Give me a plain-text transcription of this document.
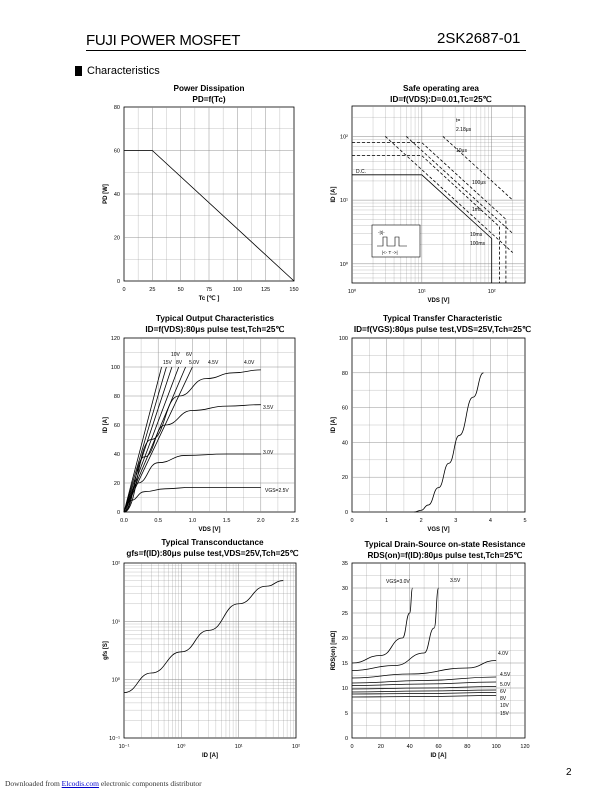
FUJI POWER MOSFET	2SK2687-01
Characteristics
Power Dissipation
PD=f(Tc)
Safe operating area
ID=f(VDS):D=0.01,Tc=25℃
Typical Output Characteristics
ID=f(VDS):80μs pulse test,Tch=25℃
Typical Transfer Characteristic
ID=f(VGS):80μs pulse test,VDS=25V,Tch=25℃
Typical Transconductance
gfs=f(ID):80μs pulse test,VDS=25V,Tch=25℃
Typical Drain-Source on-state Resistance
RDS(on)=f(ID):80μs pulse test,Tch=25℃
0	25	50	75	100	125	150
0
20
40
60
80
Tc [℃ ]
PD [W]
10⁰	10¹	10²
10⁰
10¹
10²
VDS [V]
ID [A]
t=
2.18μs
10μs
100μs
1ms
10ms
100ms
D.C.
-|t|-
|<- T ->|
0.0	0.5	1.0	1.5	2.0	2.5
0
20
40
60
80
100
120
VDS [V]
ID [A]
10V 6V
15V 8V 5.0V 4.5V	4.0V
3.5V
3.0V
VGS=2.5V
0	1	2	3	4	5
0
20
40
60
80
100
VGS [V]
ID [A]
10⁻¹	10⁰	10¹	10²
10⁻¹
10⁰
10¹
10²
ID [A]
gfs [S]
0	20	40	60	80	100	120
0
5
10
15
20
25
30
35
ID [A]
RDS(on) [mΩ]
VGS=3.0V	3.5V
4.0V
4.5V
5.0V
6V
8V
10V
15V
Downloaded from Elcodis.com electronic components distributor
2
